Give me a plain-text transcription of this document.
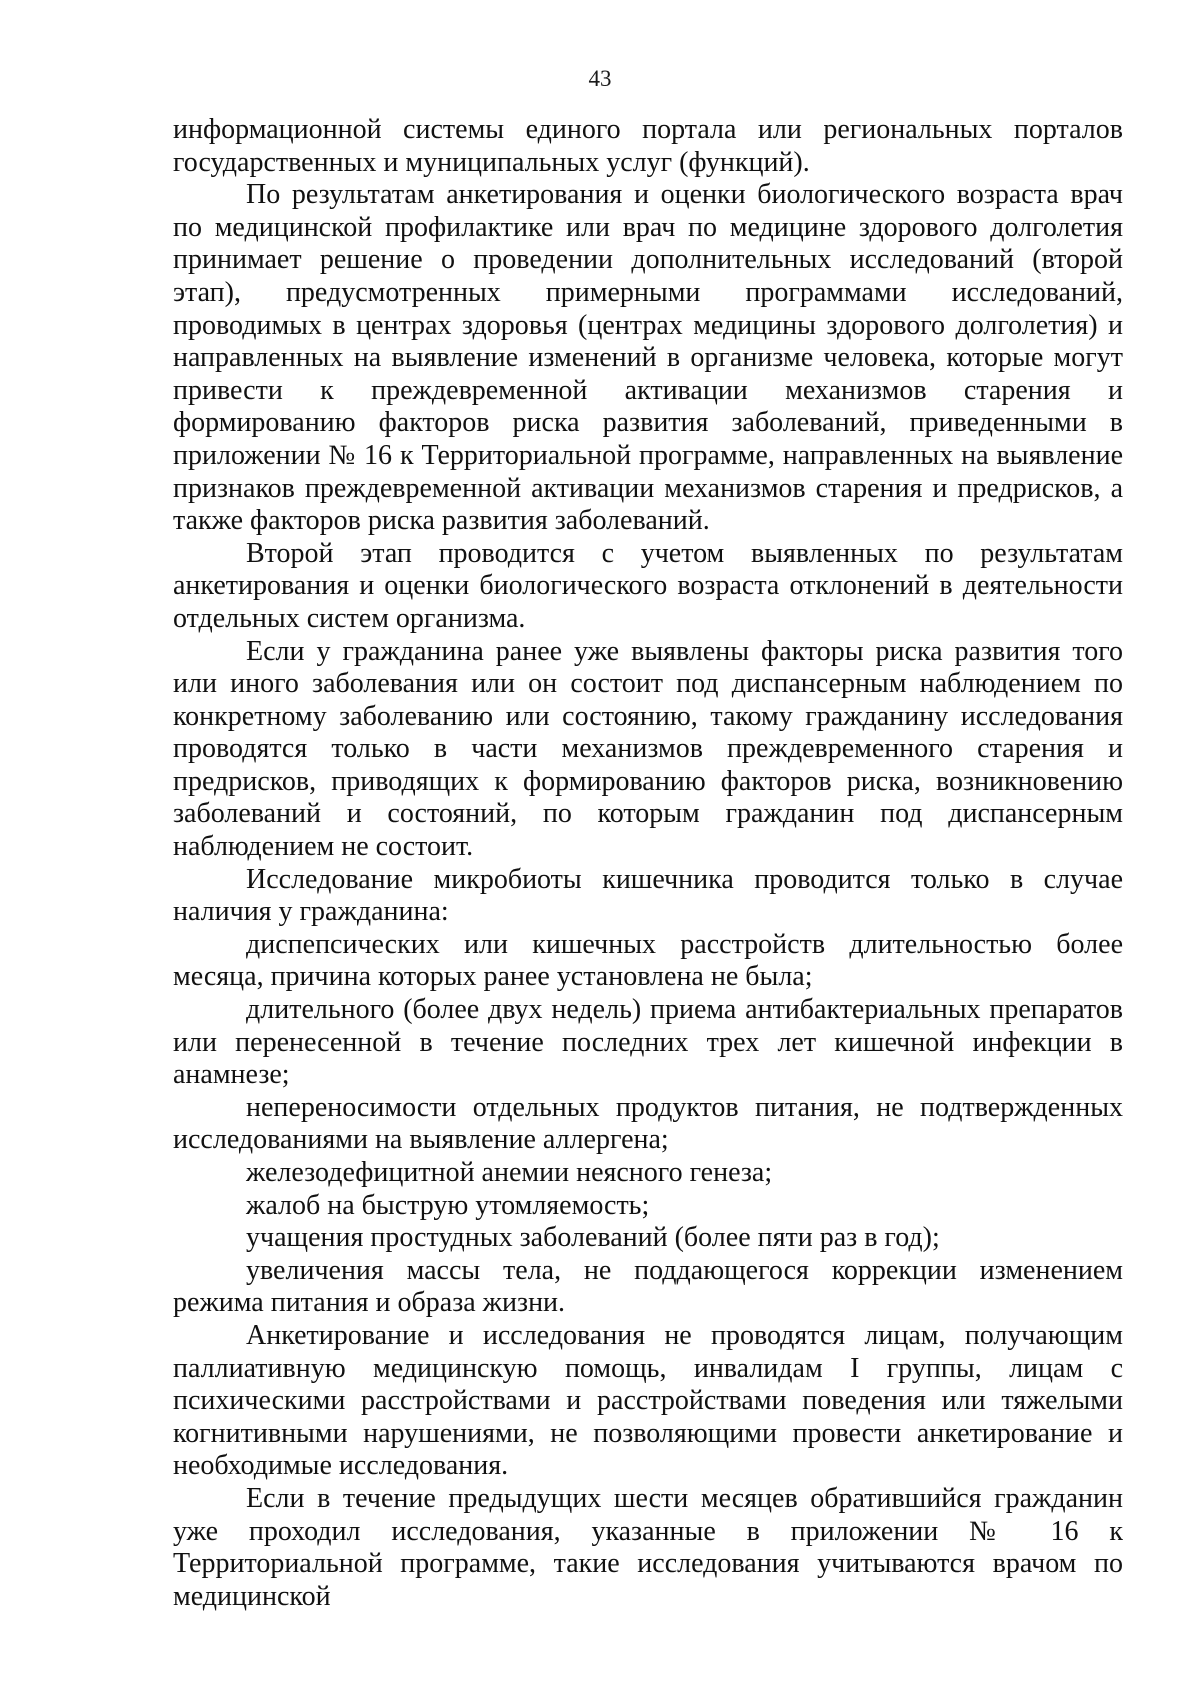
43

информационной системы единого портала или региональных порталов государственных и муниципальных услуг (функций).

По результатам анкетирования и оценки биологического возраста врач по медицинской профилактике или врач по медицине здорового долголетия принимает решение о проведении дополнительных исследований (второй этап), предусмотренных примерными программами исследований, проводимых в центрах здоровья (центрах медицины здорового долголетия) и направленных на выявление изменений в организме человека, которые могут привести к преждевременной активации механизмов старения и формированию факторов риска развития заболеваний, приведенными в приложении № 16 к Территориальной программе, направленных на выявление признаков преждевременной активации механизмов старения и предрисков, а также факторов риска развития заболеваний.

Второй этап проводится с учетом выявленных по результатам анкетирования и оценки биологического возраста отклонений в деятельности отдельных систем организма.

Если у гражданина ранее уже выявлены факторы риска развития того или иного заболевания или он состоит под диспансерным наблюдением по конкретному заболеванию или состоянию, такому гражданину исследования проводятся только в части механизмов преждевременного старения и предрисков, приводящих к формированию факторов риска, возникновению заболеваний и состояний, по которым гражданин под диспансерным наблюдением не состоит.

Исследование микробиоты кишечника проводится только в случае наличия у гражданина:

диспепсических или кишечных расстройств длительностью более месяца, причина которых ранее установлена не была;

длительного (более двух недель) приема антибактериальных препаратов или перенесенной в течение последних трех лет кишечной инфекции в анамнезе;

непереносимости отдельных продуктов питания, не подтвержденных исследованиями на выявление аллергена;

железодефицитной анемии неясного генеза;

жалоб на быструю утомляемость;

учащения простудных заболеваний (более пяти раз в год);

увеличения массы тела, не поддающегося коррекции изменением режима питания и образа жизни.

Анкетирование и исследования не проводятся лицам, получающим паллиативную медицинскую помощь, инвалидам I группы, лицам с психическими расстройствами и расстройствами поведения или тяжелыми когнитивными нарушениями, не позволяющими провести анкетирование и необходимые исследования.

Если в течение предыдущих шести месяцев обратившийся гражданин уже проходил исследования, указанные в приложении № 16 к Территориальной программе, такие исследования учитываются врачом по медицинской
